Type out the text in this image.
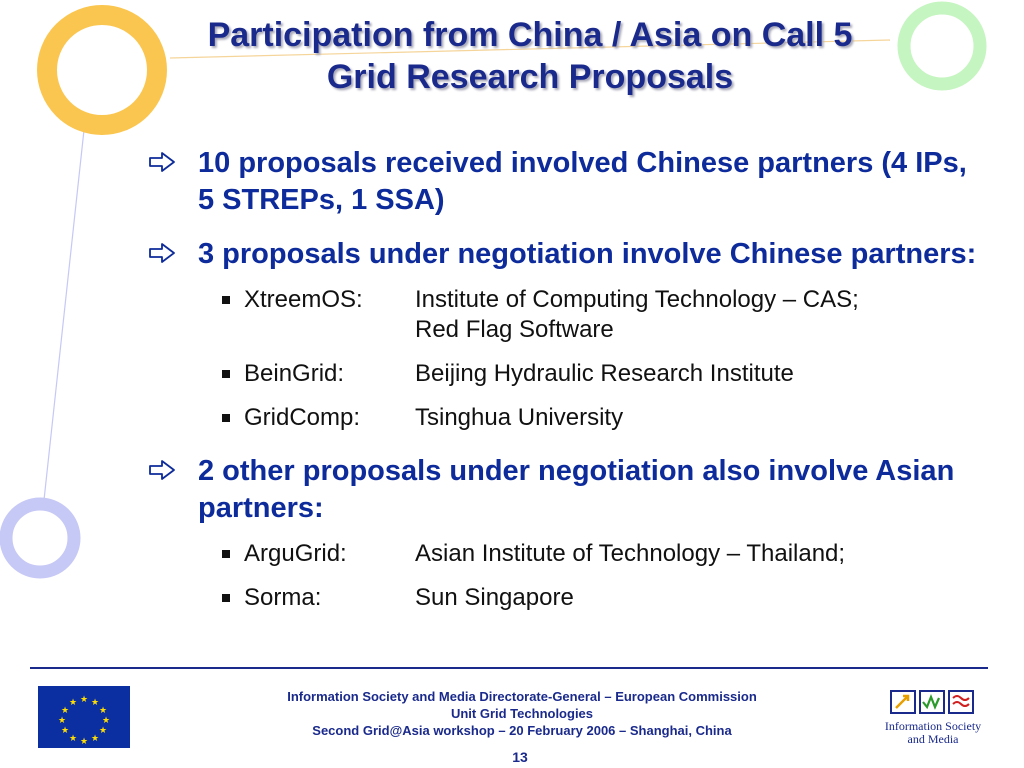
Participation from China / Asia on Call 5
Grid Research Proposals
10 proposals received involved Chinese partners (4 IPs, 5 STREPs, 1 SSA)
3 proposals under negotiation involve Chinese partners:
XtreemOS: Institute of Computing Technology – CAS;
Red Flag Software
BeinGrid:	Beijing Hydraulic Research Institute
GridComp: Tsinghua University
2 other proposals under negotiation also involve Asian partners:
ArguGrid:	Asian Institute of Technology – Thailand;
Sorma:	Sun Singapore
★ ★
★
★
★
★
★
★
★
★
★
★	Information Society and Media Directorate-General – European Commission
Unit Grid Technologies
Second Grid@Asia workshop – 20 February 2006 – Shanghai, China
13
Information Society
and Media
